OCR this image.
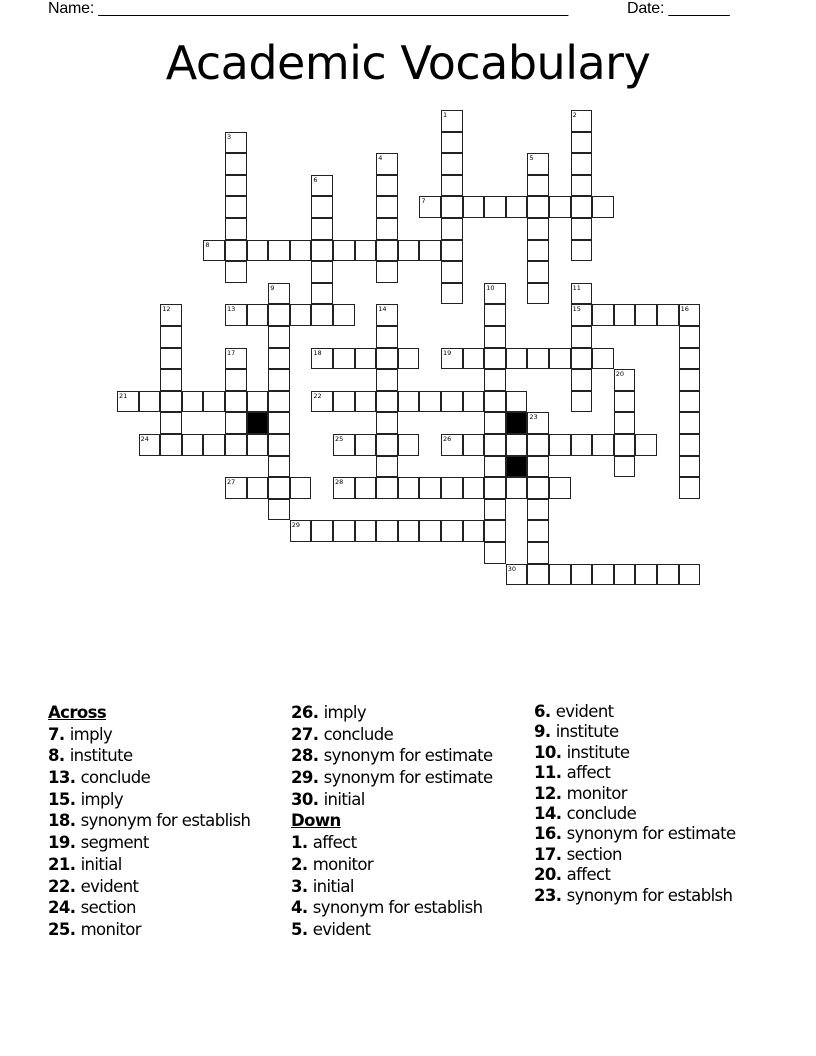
Name: ______________________________________________________	Date: _______
Academic Vocabulary
1	2
3
4	5
6
7
8
9	10	11
15
12	13	14	16
17	18	19
20
21	22
23
24	25	26
27	28
29
30
Across
7. imply
8. institute
13. conclude
15. imply
18. synonym for establish
19. segment
21. initial
22. evident
24. section
25. monitor
26. imply
27. conclude
28. synonym for estimate
29. synonym for estimate
30. initial
Down
1. affect
2. monitor
3. initial
4. synonym for establish
5. evident
6. evident
9. institute
10. institute
11. affect
12. monitor
14. conclude
16. synonym for estimate
17. section
20. affect
23. synonym for establsh
